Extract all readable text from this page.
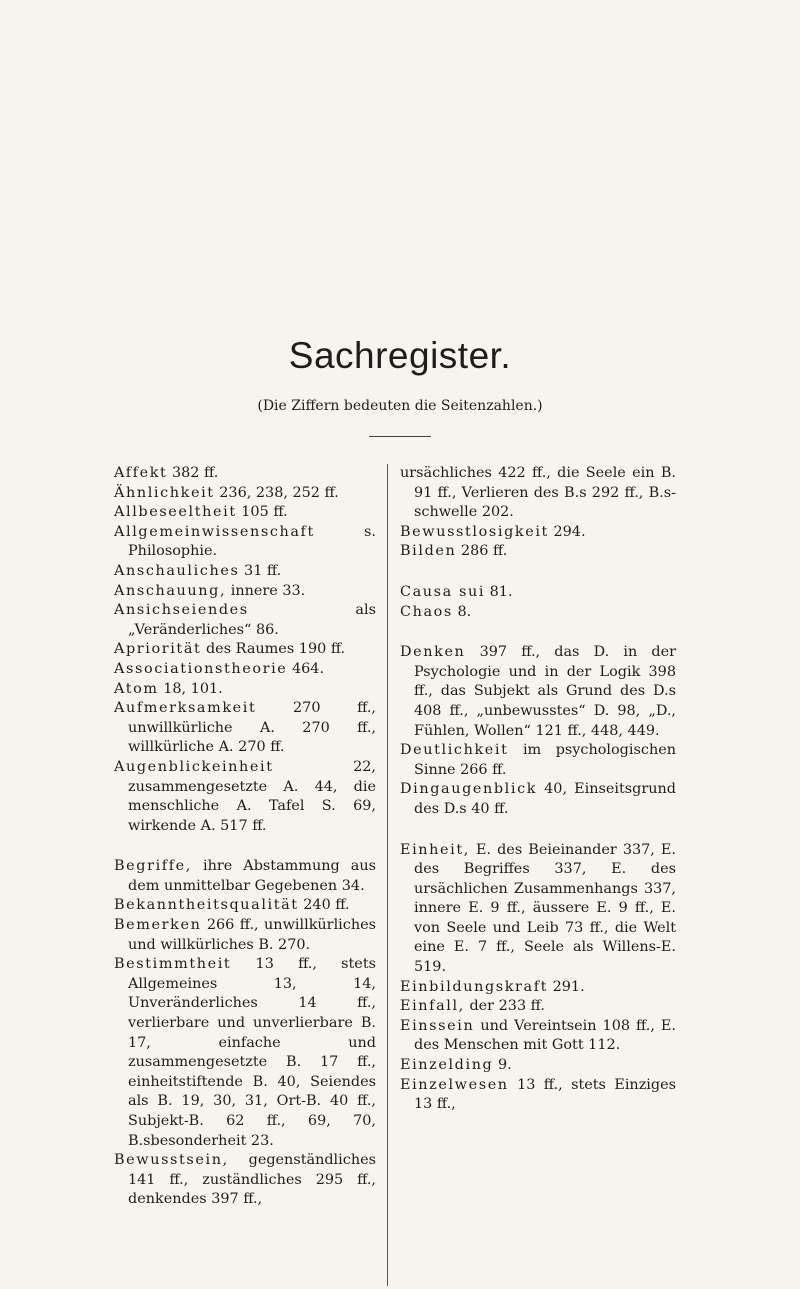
Sachregister.
(Die Ziffern bedeuten die Seitenzahlen.)

Affekt 382 ff.

Ähnlichkeit 236, 238, 252 ff.

Allbeseeltheit 105 ff.

Allgemeinwissenschaft s. Philosophie.

Anschauliches 31 ff.

Anschauung, innere 33.

Ansichseiendes als „Veränderliches“ 86.

Apriorität des Raumes 190 ff.

Associationstheorie 464.

Atom 18, 101.

Aufmerksamkeit 270 ff., unwillkürliche A. 270 ff., willkürliche A. 270 ff.

Augenblickeinheit 22, zusammengesetzte A. 44, die menschliche A. Tafel S. 69, wirkende A. 517 ff.

Begriffe, ihre Abstammung aus dem unmittelbar Gegebenen 34.

Bekanntheitsqualität 240 ff.

Bemerken 266 ff., unwillkürliches und willkürliches B. 270.

Bestimmtheit 13 ff., stets Allgemeines 13, 14, Unveränderliches 14 ff., verlierbare und unverlierbare B. 17, einfache und zusammengesetzte B. 17 ff., einheitstiftende B. 40, Seiendes als B. 19, 30, 31, Ort-B. 40 ff., Subjekt-B. 62 ff., 69, 70, B.sbesonderheit 23.

Bewusstsein, gegenständliches 141 ff., zuständliches 295 ff., denkendes 397 ff.,

ursächliches 422 ff., die Seele ein B. 91 ff., Verlieren des B.s 292 ff., B.s-schwelle 202.

Bewusstlosigkeit 294.

Bilden 286 ff.

Causa sui 81.

Chaos 8.

Denken 397 ff., das D. in der Psychologie und in der Logik 398 ff., das Subjekt als Grund des D.s 408 ff., „unbewusstes“ D. 98, „D., Fühlen, Wollen“ 121 ff., 448, 449.

Deutlichkeit im psychologischen Sinne 266 ff.

Dingaugenblick 40, Einseitsgrund des D.s 40 ff.

Einheit, E. des Beieinander 337, E. des Begriffes 337, E. des ursächlichen Zusammenhangs 337, innere E. 9 ff., äussere E. 9 ff., E. von Seele und Leib 73 ff., die Welt eine E. 7 ff., Seele als Willens-E. 519.

Einbildungskraft 291.

Einfall, der 233 ff.

Einssein und Vereintsein 108 ff., E. des Menschen mit Gott 112.

Einzelding 9.

Einzelwesen 13 ff., stets Einziges 13 ff.,
